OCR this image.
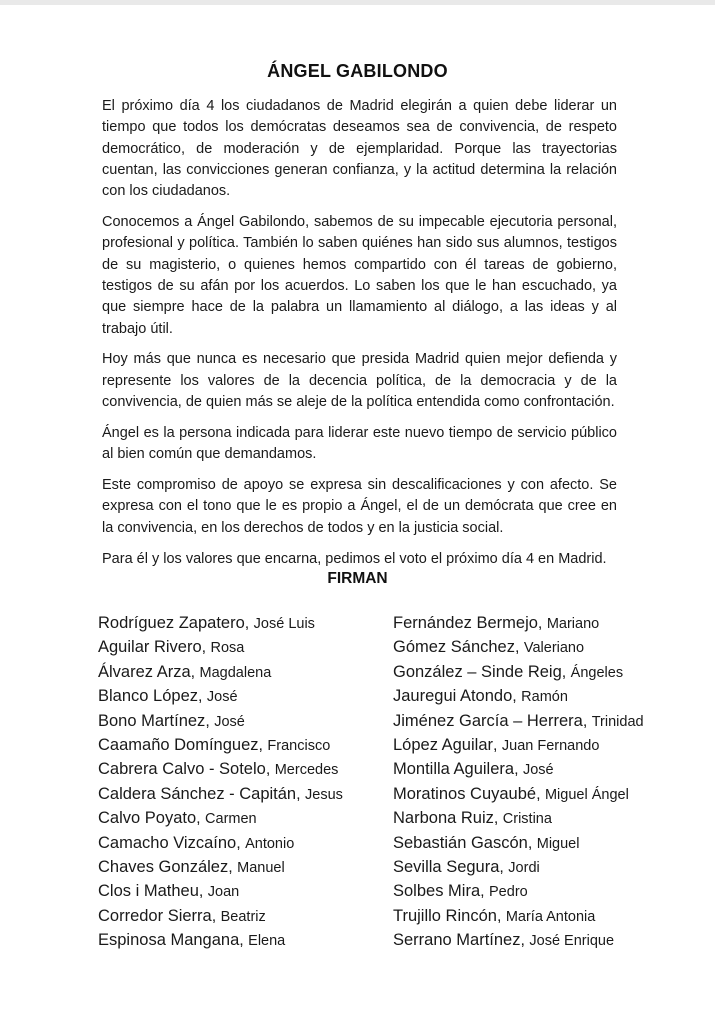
ÁNGEL GABILONDO

El próximo día 4 los ciudadanos de Madrid elegirán a quien debe liderar un tiempo que todos los demócratas deseamos sea de convivencia, de respeto democrático, de moderación y de ejemplaridad. Porque las trayectorias cuentan, las convicciones generan confianza, y la actitud determina la relación con los ciudadanos.

Conocemos a Ángel Gabilondo, sabemos de su impecable ejecutoria personal, profesional y política. También lo saben quiénes han sido sus alumnos, testigos de su magisterio, o quienes hemos compartido con él tareas de gobierno, testigos de su afán por los acuerdos. Lo saben los que le han escuchado, ya que siempre hace de la palabra un llamamiento al diálogo, a las ideas y al trabajo útil.

Hoy más que nunca es necesario que presida Madrid quien mejor defienda y represente los valores de la decencia política, de la democracia y de la convivencia, de quien más se aleje de la política entendida como confrontación.

Ángel es la persona indicada para liderar este nuevo tiempo de servicio público al bien común que demandamos.

Este compromiso de apoyo se expresa sin descalificaciones y con afecto. Se expresa con el tono que le es propio a Ángel, el de un demócrata que cree en la convivencia, en los derechos de todos y en la justicia social.

Para él y los valores que encarna, pedimos el voto el próximo día 4 en Madrid.

FIRMAN
Rodríguez Zapatero, José Luis
Aguilar Rivero, Rosa
Álvarez Arza, Magdalena
Blanco López, José
Bono Martínez, José
Caamaño Domínguez, Francisco
Cabrera Calvo - Sotelo, Mercedes
Caldera Sánchez - Capitán, Jesus
Calvo Poyato, Carmen
Camacho Vizcaíno, Antonio
Chaves González, Manuel
Clos i Matheu, Joan
Corredor Sierra, Beatriz
Espinosa Mangana, Elena
Fernández Bermejo, Mariano
Gómez Sánchez, Valeriano
González – Sinde Reig, Ángeles
Jauregui Atondo, Ramón
Jiménez García – Herrera, Trinidad
López Aguilar, Juan Fernando
Montilla Aguilera, José
Moratinos Cuyaubé, Miguel Ángel
Narbona Ruiz, Cristina
Sebastián Gascón, Miguel
Sevilla Segura, Jordi
Solbes Mira, Pedro
Trujillo Rincón, María Antonia
Serrano Martínez, José Enrique
